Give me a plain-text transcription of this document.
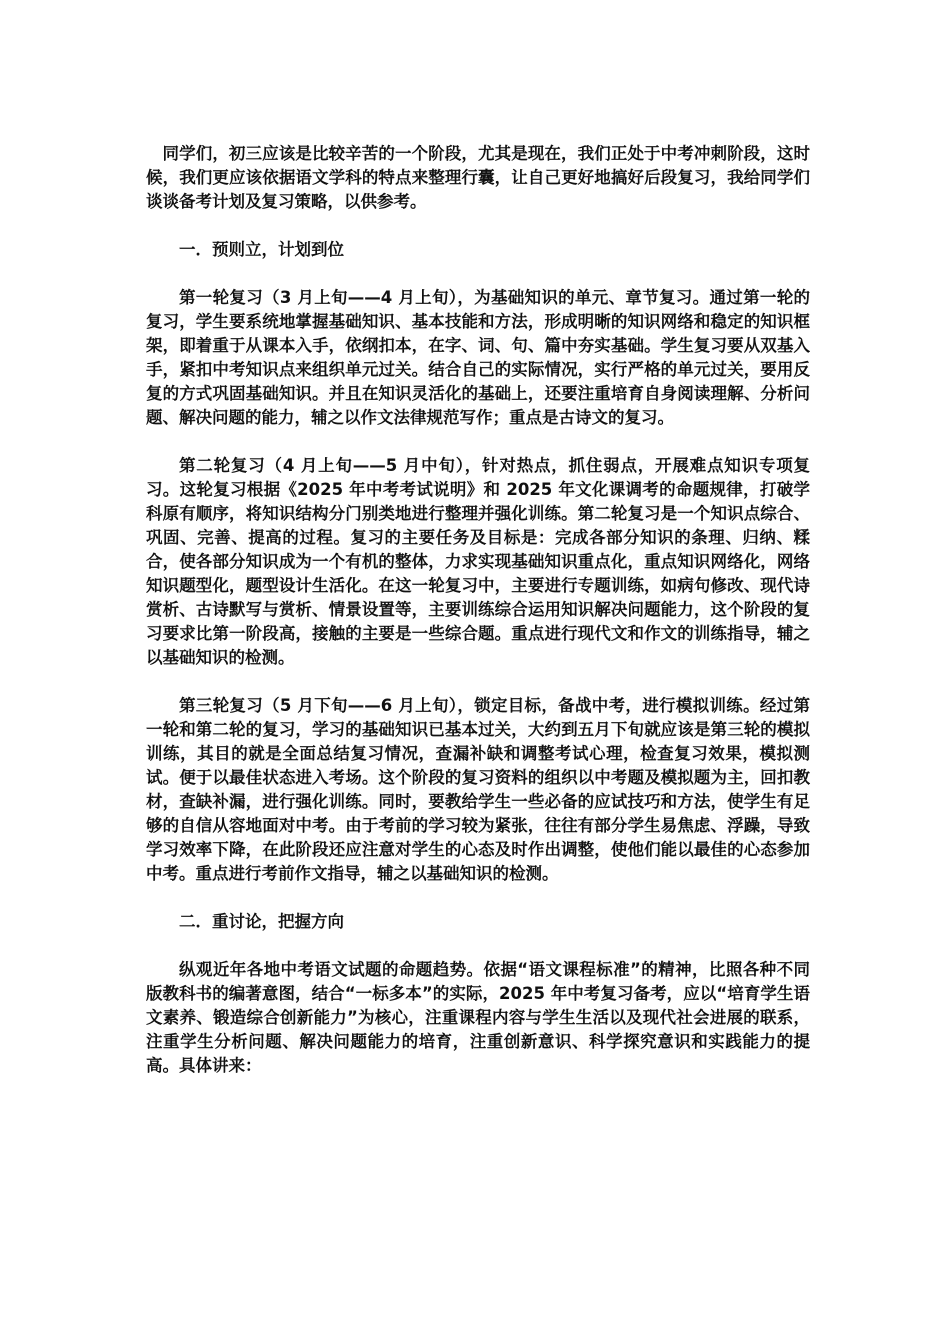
同学们，初三应该是比较辛苦的一个阶段，尤其是现在，我们正处于中考冲刺阶段，这时候，我们更应该依据语文学科的特点来整理行囊，让自己更好地搞好后段复习，我给同学们谈谈备考计划及复习策略，以供参考。

一．预则立，计划到位

第一轮复习（3 月上旬——4 月上旬），为基础知识的单元、章节复习。通过第一轮的复习，学生要系统地掌握基础知识、基本技能和方法，形成明晰的知识网络和稳定的知识框架，即着重于从课本入手，依纲扣本，在字、词、句、篇中夯实基础。学生复习要从双基入手，紧扣中考知识点来组织单元过关。结合自己的实际情况，实行严格的单元过关，要用反复的方式巩固基础知识。并且在知识灵活化的基础上，还要注重培育自身阅读理解、分析问题、解决问题的能力，辅之以作文法律规范写作；重点是古诗文的复习。

第二轮复习（4 月上旬——5 月中旬），针对热点，抓住弱点，开展难点知识专项复习。这轮复习根据《2025 年中考考试说明》和 2025 年文化课调考的命题规律，打破学科原有顺序，将知识结构分门别类地进行整理并强化训练。第二轮复习是一个知识点综合、巩固、完善、提高的过程。复习的主要任务及目标是：完成各部分知识的条理、归纳、糅合，使各部分知识成为一个有机的整体，力求实现基础知识重点化，重点知识网络化，网络知识题型化，题型设计生活化。在这一轮复习中，主要进行专题训练，如病句修改、现代诗赏析、古诗默写与赏析、情景设置等，主要训练综合运用知识解决问题能力，这个阶段的复习要求比第一阶段高，接触的主要是一些综合题。重点进行现代文和作文的训练指导，辅之以基础知识的检测。

第三轮复习（5 月下旬——6 月上旬），锁定目标，备战中考，进行模拟训练。经过第一轮和第二轮的复习，学习的基础知识已基本过关，大约到五月下旬就应该是第三轮的模拟训练，其目的就是全面总结复习情况，查漏补缺和调整考试心理，检查复习效果，模拟测试。便于以最佳状态进入考场。这个阶段的复习资料的组织以中考题及模拟题为主，回扣教材，查缺补漏，进行强化训练。同时，要教给学生一些必备的应试技巧和方法，使学生有足够的自信从容地面对中考。由于考前的学习较为紧张，往往有部分学生易焦虑、浮躁，导致学习效率下降，在此阶段还应注意对学生的心态及时作出调整，使他们能以最佳的心态参加中考。重点进行考前作文指导，辅之以基础知识的检测。

二．重讨论，把握方向

纵观近年各地中考语文试题的命题趋势。依据“语文课程标准”的精神，比照各种不同版教科书的编著意图，结合“一标多本”的实际，2025 年中考复习备考，应以“培育学生语文素养、锻造综合创新能力”为核心，注重课程内容与学生生活以及现代社会进展的联系，注重学生分析问题、解决问题能力的培育，注重创新意识、科学探究意识和实践能力的提高。具体讲来：
